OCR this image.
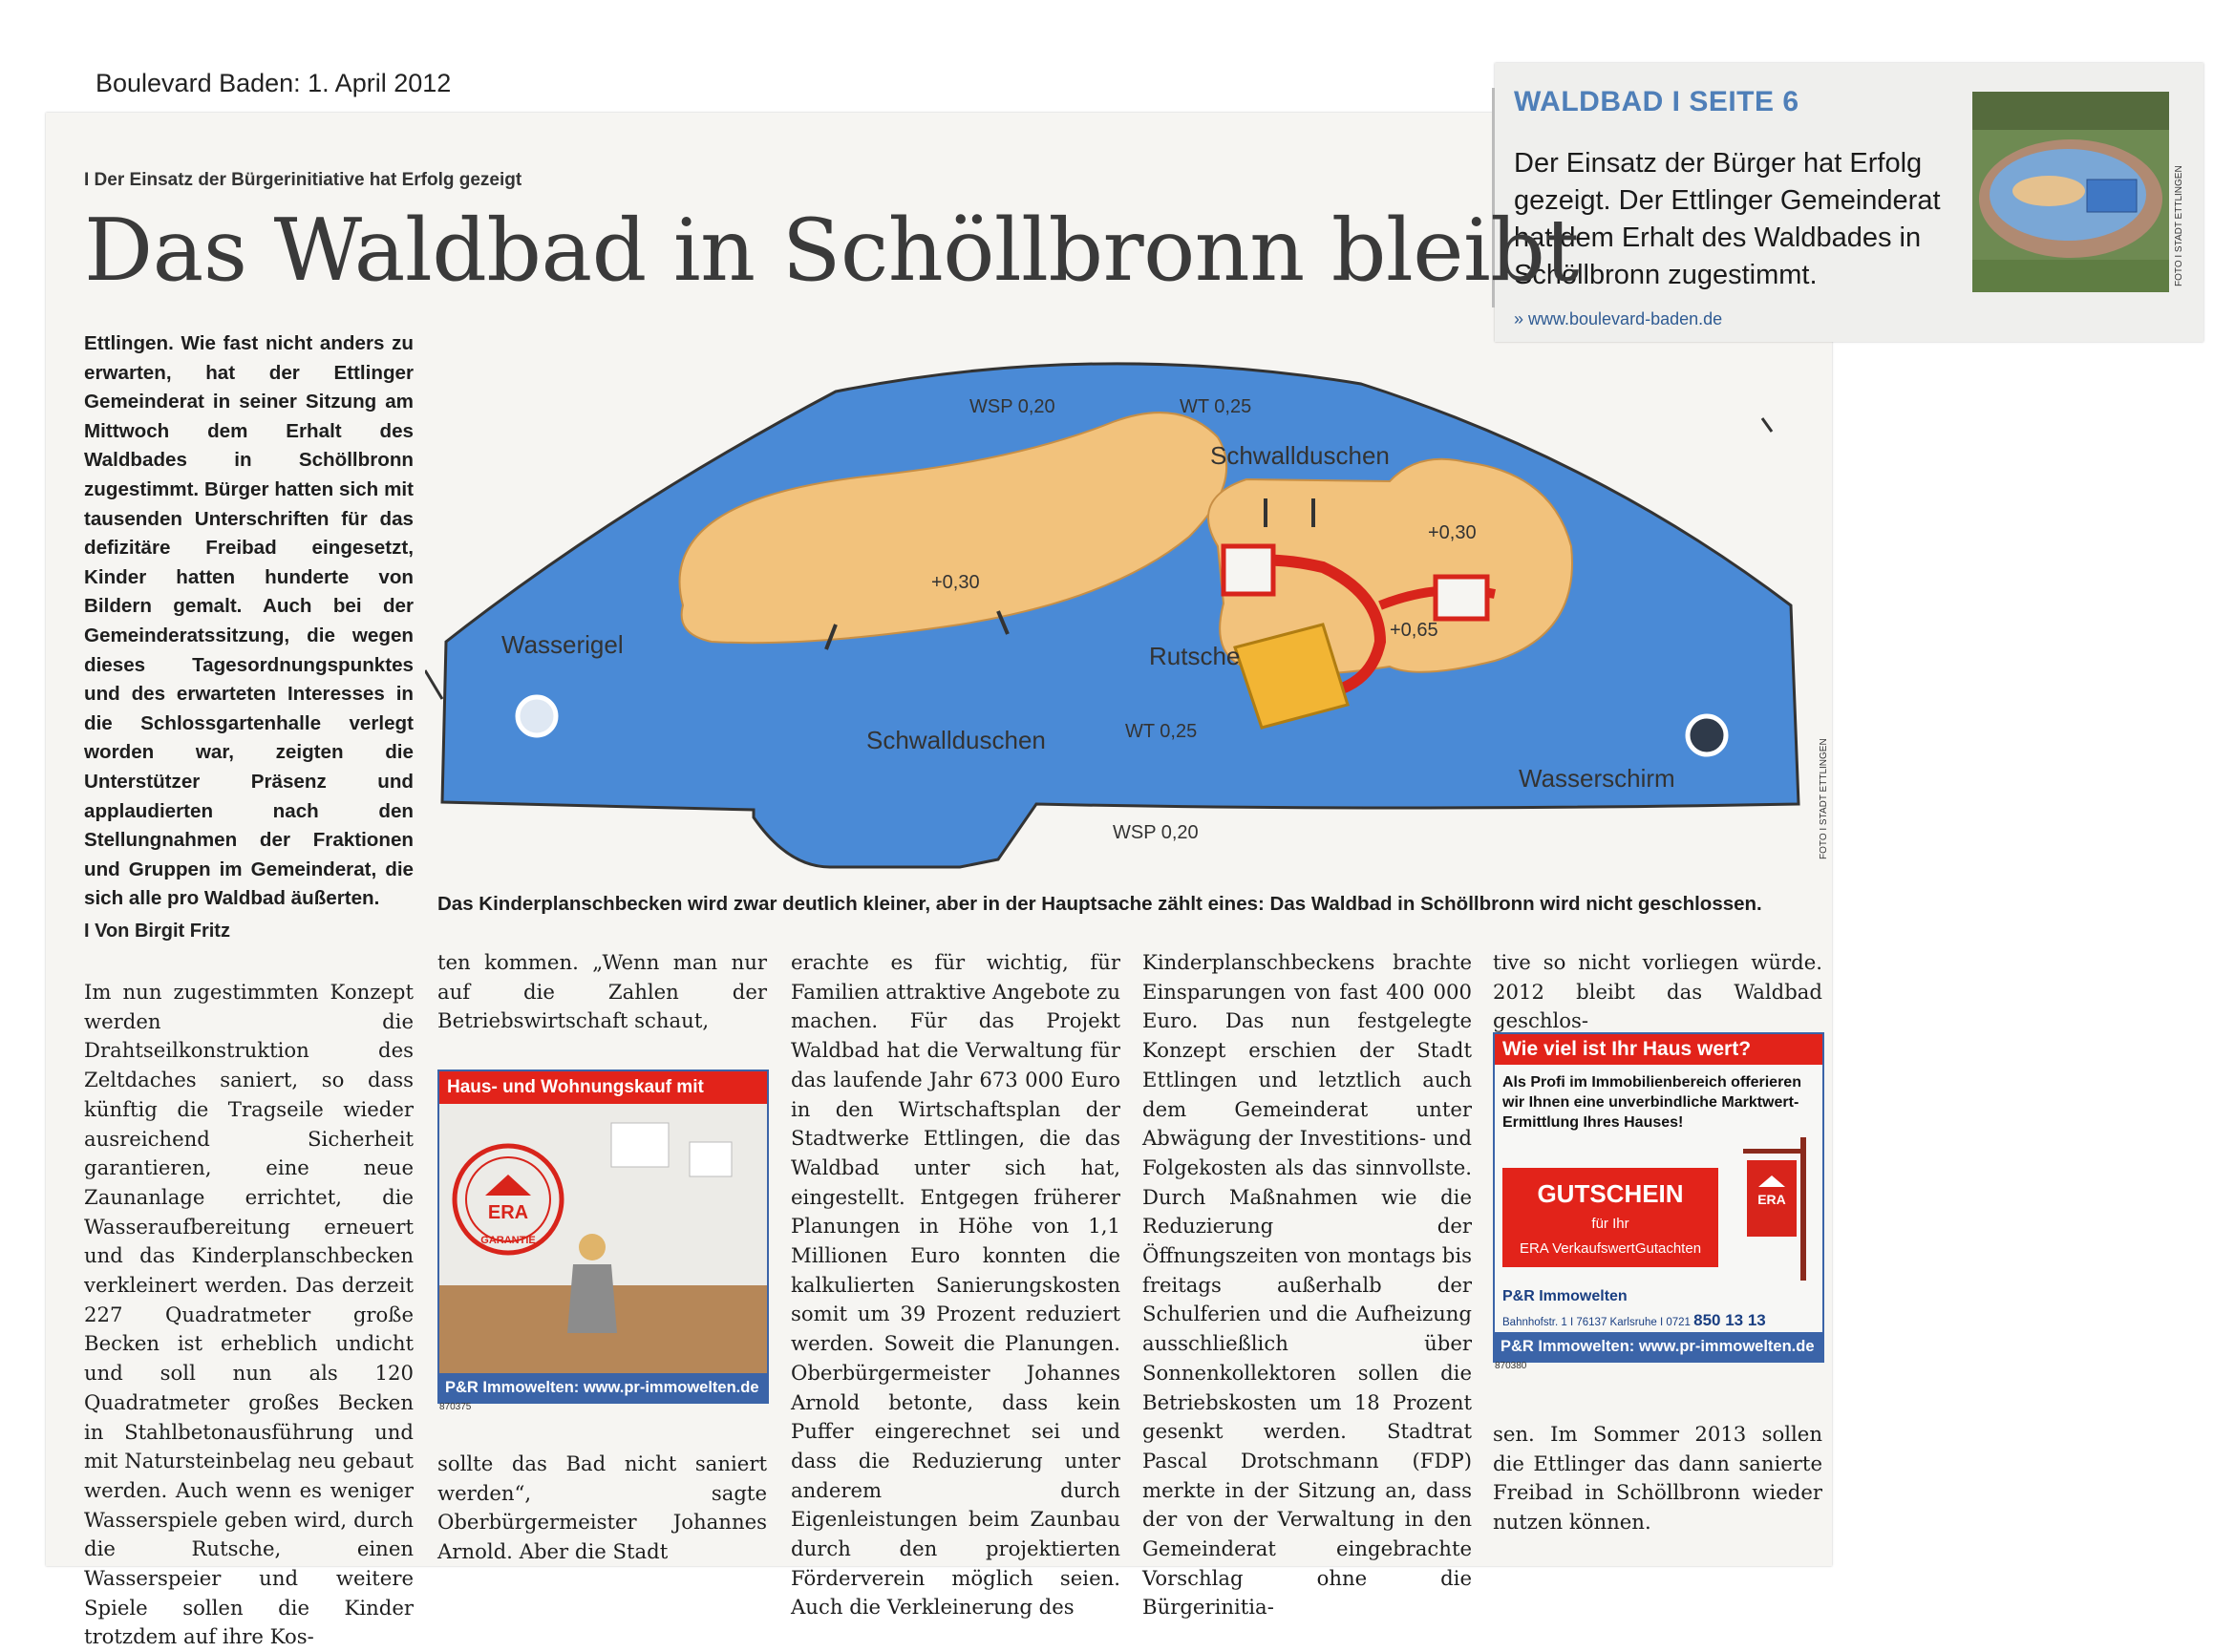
Boulevard Baden: 1. April 2012
WALDBAD I SEITE 6
Der Einsatz der Bürger hat Erfolg gezeigt. Der Ettlinger Gemeinderat hat dem Erhalt des Waldbades in Schöllbronn zugestimmt.
» www.boulevard-baden.de
FOTO I STADT ETTLINGEN
I Der Einsatz der Bürgerinitiative hat Erfolg gezeigt
Das Waldbad in Schöllbronn bleibt

Ettlingen. Wie fast nicht anders zu erwarten, hat der Ettlinger Gemeinderat in seiner Sitzung am Mittwoch dem Erhalt des Waldbades in Schöllbronn zugestimmt. Bürger hatten sich mit tausenden Unterschriften für das defizitäre Freibad eingesetzt, Kinder hatten hunderte von Bildern gemalt. Auch bei der Gemeinderatssitzung, die wegen dieses Tagesordnungspunktes und des erwarteten Interesses in die Schlossgartenhalle verlegt worden war, zeigten die Unterstützer Präsenz und applaudierten nach den Stellungnahmen der Fraktionen und Gruppen im Gemeinderat, die sich alle pro Waldbad äußerten.

I Von Birgit Fritz
WSP 0,20	WT 0,25
Schwallduschen
+0,30
+0,30
+0,65
Wasserigel	Rutsche
Schwallduschen	WT 0,25
Wasserschirm
WSP 0,20	FOTO I STADT ETTLINGEN
Das Kinderplanschbecken wird zwar deutlich kleiner, aber in der Hauptsache zählt eines: Das Waldbad in Schöllbronn wird nicht geschlossen.

Im nun zugestimmten Konzept werden die Drahtseilkonstruktion des Zeltdaches saniert, so dass künftig die Tragseile wieder ausreichend Sicherheit garantieren, eine neue Zaunanlage errichtet, die Wasseraufbereitung erneuert und das Kinderplanschbecken verkleinert werden. Das derzeit 227 Quadratmeter große Becken ist erheblich undicht und soll nun als 120 Quadratmeter großes Becken in Stahlbetonausführung und mit Natursteinbelag neu gebaut werden. Auch wenn es weniger Wasserspiele geben wird, durch die Rutsche, einen Wasserspeier und weitere Spiele sollen die Kinder trotzdem auf ihre Kos-

ten kommen. „Wenn man nur auf die Zahlen der Betriebswirtschaft schaut,

sollte das Bad nicht saniert werden“, sagte Oberbürgermeister Johannes Arnold. Aber die Stadt

erachte es für wichtig, für Familien attraktive Angebote zu machen. Für das Projekt Waldbad hat die Verwaltung für das laufende Jahr 673 000 Euro in den Wirtschaftsplan der Stadtwerke Ettlingen, die das Waldbad unter sich hat, eingestellt. Entgegen früherer Planungen in Höhe von 1,1 Millionen Euro konnten die kalkulierten Sanierungskosten somit um 39 Prozent reduziert werden. Soweit die Planungen. Oberbürgermeister Johannes Arnold betonte, dass kein Puffer eingerechnet sei und dass die Reduzierung unter anderem durch Eigenleistungen beim Zaunbau durch den projektierten Förderverein möglich seien. Auch die Verkleinerung des

Kinderplanschbeckens brachte Einsparungen von fast 400 000 Euro. Das nun festgelegte Konzept erschien der Stadt Ettlingen und letztlich auch dem Gemeinderat unter Abwägung der Investitions- und Folgekosten als das sinnvollste. Durch Maßnahmen wie die Reduzierung der Öffnungszeiten von montags bis freitags außerhalb der Schulferien und die Aufheizung ausschließlich über Sonnenkollektoren sollen die Betriebskosten um 18 Prozent gesenkt werden. Stadtrat Pascal Drotschmann (FDP) merkte in der Sitzung an, dass der von der Verwaltung in den Gemeinderat eingebrachte Vorschlag ohne die Bürgerinitia-

tive so nicht vorliegen würde. 2012 bleibt das Waldbad geschlos-

sen. Im Sommer 2013 sollen die Ettlinger das dann sanierte Freibad in Schöllbronn wieder nutzen können.

Haus- und Wohnungskauf mit
ERA
GARANTIE
P&R Immowelten: www.pr-immowelten.de
870375
Wie viel ist Ihr Haus wert?
Als Profi im Immobilienbereich offerieren wir Ihnen eine unverbindliche Marktwert-Ermittlung Ihres Hauses!
GUTSCHEIN
für Ihr
ERA VerkaufswertGutachten
ERA
P&R Immowelten
Bahnhofstr. 1 I 76137 Karlsruhe I 0721 850 13 13
P&R Immowelten: www.pr-immowelten.de
870380
